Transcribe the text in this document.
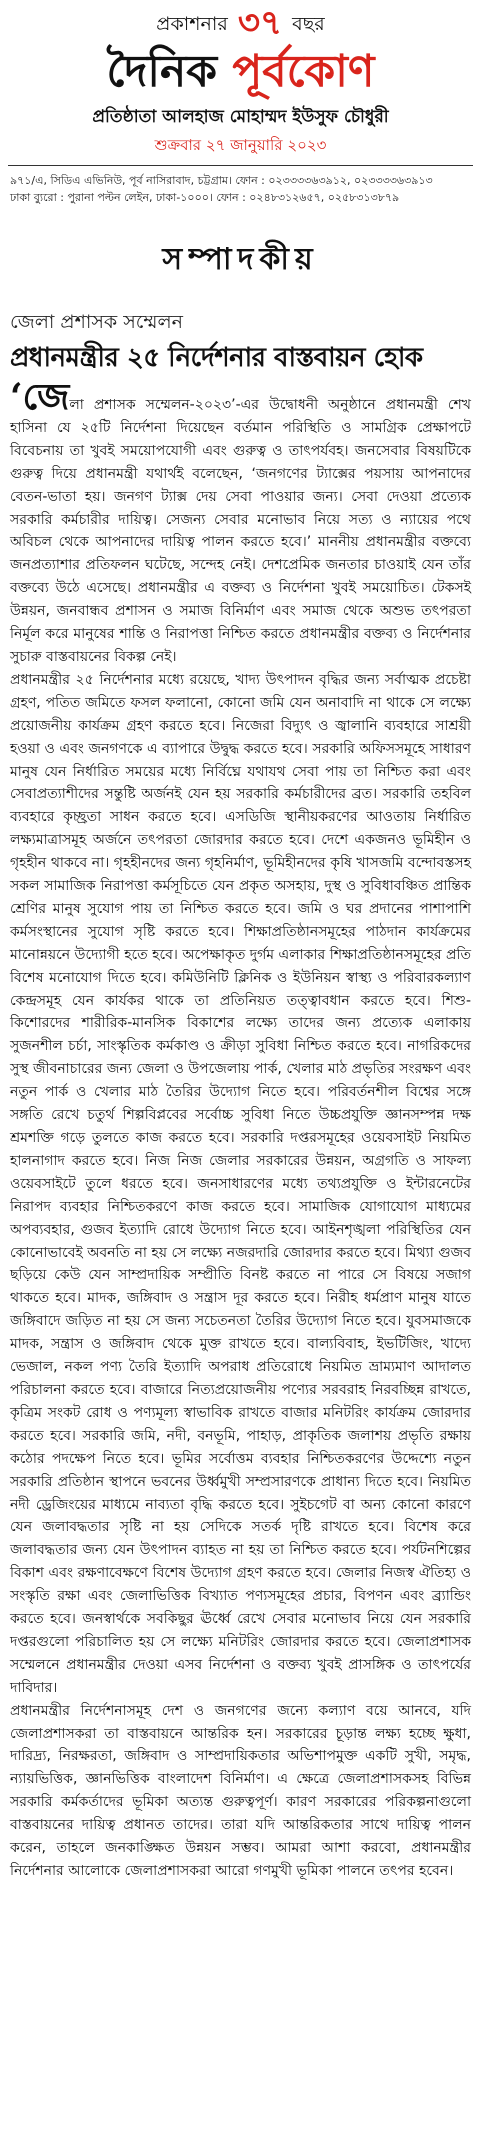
প্রকাশনার ৩৭ বছর
দৈনিক পূর্বকোণ
প্রতিষ্ঠাতা আলহাজ মোহাম্মদ ইউসুফ চৌধুরী
শুক্রবার ২৭ জানুয়ারি ২০২৩
৯৭১/এ, সিডিএ এভিনিউ, পূর্ব নাসিরাবাদ, চট্টগ্রাম। ফোন : ০২৩৩৩৩৬৩৯১২, ০২৩৩৩৩৬৩৯১৩
ঢাকা ব্যুরো : পুরানা পল্টন লেইন, ঢাকা-১০০০। ফোন : ০২৪৮৩১২৬৫৭, ০২৫৮৩১৩৮৭৯
সম্পাদকীয়
জেলা প্রশাসক সম্মেলন
প্রধানমন্ত্রীর ২৫ নির্দেশনার বাস্তবায়ন হোক

‘জেলা প্রশাসক সম্মেলন-২০২৩’-এর উদ্বোধনী অনুষ্ঠানে প্রধানমন্ত্রী শেখ হাসিনা যে ২৫টি নির্দেশনা দিয়েছেন বর্তমান পরিস্থিতি ও সামগ্রিক প্রেক্ষাপটে বিবেচনায় তা খুবই সময়োপযোগী এবং গুরুত্ব ও তাৎপর্যবহ। জনসেবার বিষয়টিকে গুরুত্ব দিয়ে প্রধানমন্ত্রী যথার্থই বলেছেন, ‘জনগণের ট্যাক্সের পয়সায় আপনাদের বেতন-ভাতা হয়। জনগণ ট্যাক্স দেয় সেবা পাওয়ার জন্য। সেবা দেওয়া প্রত্যেক সরকারি কর্মচারীর দায়িত্ব। সেজন্য সেবার মনোভাব নিয়ে সত্য ও ন্যায়ের পথে অবিচল থেকে আপনাদের দায়িত্ব পালন করতে হবে।’ মাননীয় প্রধানমন্ত্রীর বক্তব্যে জনপ্রত্যাশার প্রতিফলন ঘটেছে, সন্দেহ নেই। দেশপ্রেমিক জনতার চাওয়াই যেন তাঁর বক্তব্যে উঠে এসেছে। প্রধানমন্ত্রীর এ বক্তব্য ও নির্দেশনা খুবই সময়োচিত। টেকসই উন্নয়ন, জনবান্ধব প্রশাসন ও সমাজ বিনির্মাণ এবং সমাজ থেকে অশুভ তৎপরতা নির্মূল করে মানুষের শান্তি ও নিরাপত্তা নিশ্চিত করতে প্রধানমন্ত্রীর বক্তব্য ও নির্দেশনার সুচারু বাস্তবায়নের বিকল্প নেই।

প্রধানমন্ত্রীর ২৫ নির্দেশনার মধ্যে রয়েছে, খাদ্য উৎপাদন বৃদ্ধির জন্য সর্বাত্মক প্রচেষ্টা গ্রহণ, পতিত জমিতে ফসল ফলানো, কোনো জমি যেন অনাবাদি না থাকে সে লক্ষ্যে প্রয়োজনীয় কার্যক্রম গ্রহণ করতে হবে। নিজেরা বিদ্যুৎ ও জ্বালানি ব্যবহারে সাশ্রয়ী হওয়া ও এবং জনগণকে এ ব্যাপারে উদ্বুদ্ধ করতে হবে। সরকারি অফিসসমূহে সাধারণ মানুষ যেন নির্ধারিত সময়ের মধ্যে নির্বিঘ্নে যথাযথ সেবা পায় তা নিশ্চিত করা এবং সেবাপ্রত্যাশীদের সন্তুষ্টি অর্জনই যেন হয় সরকারি কর্মচারীদের ব্রত। সরকারি তহবিল ব্যবহারে কৃচ্ছ্রতা সাধন করতে হবে। এসডিজি স্থানীয়করণের আওতায় নির্ধারিত লক্ষ্যমাত্রাসমূহ অর্জনে তৎপরতা জোরদার করতে হবে। দেশে একজনও ভূমিহীন ও গৃহহীন থাকবে না। গৃহহীনদের জন্য গৃহনির্মাণ, ভূমিহীনদের কৃষি খাসজমি বন্দোবস্তসহ সকল সামাজিক নিরাপত্তা কর্মসূচিতে যেন প্রকৃত অসহায়, দুস্থ ও সুবিধাবঞ্চিত প্রান্তিক শ্রেণির মানুষ সুযোগ পায় তা নিশ্চিত করতে হবে। জমি ও ঘর প্রদানের পাশাপাশি কর্মসংস্থানের সুযোগ সৃষ্টি করতে হবে। শিক্ষাপ্রতিষ্ঠানসমূহের পাঠদান কার্যক্রমের মানোন্নয়নে উদ্যোগী হতে হবে। অপেক্ষাকৃত দুর্গম এলাকার শিক্ষাপ্রতিষ্ঠানসমূহের প্রতি বিশেষ মনোযোগ দিতে হবে। কমিউনিটি ক্লিনিক ও ইউনিয়ন স্বাস্থ্য ও পরিবারকল্যাণ কেন্দ্রসমূহ যেন কার্যকর থাকে তা প্রতিনিয়ত তত্ত্বাবধান করতে হবে। শিশু-কিশোরদের শারীরিক-মানসিক বিকাশের লক্ষ্যে তাদের জন্য প্রত্যেক এলাকায় সুজনশীল চর্চা, সাংস্কৃতিক কর্মকাণ্ড ও ক্রীড়া সুবিধা নিশ্চিত করতে হবে। নাগরিকদের সুস্থ জীবনাচারের জন্য জেলা ও উপজেলায় পার্ক, খেলার মাঠ প্রভৃতির সংরক্ষণ এবং নতুন পার্ক ও খেলার মাঠ তৈরির উদ্যোগ নিতে হবে। পরিবর্তনশীল বিশ্বের সঙ্গে সঙ্গতি রেখে চতুর্থ শিল্পবিপ্লবের সর্বোচ্চ সুবিধা নিতে উচ্চপ্রযুক্তি জ্ঞানসম্পন্ন দক্ষ শ্রমশক্তি গড়ে তুলতে কাজ করতে হবে। সরকারি দপ্তরসমূহের ওয়েবসাইট নিয়মিত হালনাগাদ করতে হবে। নিজ নিজ জেলার সরকারের উন্নয়ন, অগ্রগতি ও সাফল্য ওয়েবসাইটে তুলে ধরতে হবে। জনসাধারণের মধ্যে তথ্যপ্রযুক্তি ও ইন্টারনেটের নিরাপদ ব্যবহার নিশ্চিতকরণে কাজ করতে হবে। সামাজিক যোগাযোগ মাধ্যমের অপব্যবহার, গুজব ইত্যাদি রোধে উদ্যোগ নিতে হবে। আইনশৃঙ্খলা পরিস্থিতির যেন কোনোভাবেই অবনতি না হয় সে লক্ষ্যে নজরদারি জোরদার করতে হবে। মিথ্যা গুজব ছড়িয়ে কেউ যেন সাম্প্রদায়িক সম্প্রীতি বিনষ্ট করতে না পারে সে বিষয়ে সজাগ থাকতে হবে। মাদক, জঙ্গিবাদ ও সন্ত্রাস দূর করতে হবে। নিরীহ ধর্মপ্রাণ মানুষ যাতে জঙ্গিবাদে জড়িত না হয় সে জন্য সচেতনতা তৈরির উদ্যোগ নিতে হবে। যুবসমাজকে মাদক, সন্ত্রাস ও জঙ্গিবাদ থেকে মুক্ত রাখতে হবে। বাল্যবিবাহ, ইভটিজিং, খাদ্যে ভেজাল, নকল পণ্য তৈরি ইত্যাদি অপরাধ প্রতিরোধে নিয়মিত ভ্রাম্যমাণ আদালত পরিচালনা করতে হবে। বাজারে নিত্যপ্রয়োজনীয় পণ্যের সরবরাহ নিরবচ্ছিন্ন রাখতে, কৃত্রিম সংকট রোধ ও পণ্যমূল্য স্বাভাবিক রাখতে বাজার মনিটরিং কার্যক্রম জোরদার করতে হবে। সরকারি জমি, নদী, বনভূমি, পাহাড়, প্রাকৃতিক জলাশয় প্রভৃতি রক্ষায় কঠোর পদক্ষেপ নিতে হবে। ভূমির সর্বোত্তম ব্যবহার নিশ্চিতকরণের উদ্দেশ্যে নতুন সরকারি প্রতিষ্ঠান স্থাপনে ভবনের উর্ধ্বমুখী সম্প্রসারণকে প্রাধান্য দিতে হবে। নিয়মিত নদী ড্রেজিংয়ের মাধ্যমে নাব্যতা বৃদ্ধি করতে হবে। সুইচগেট বা অন্য কোনো কারণে যেন জলাবদ্ধতার সৃষ্টি না হয় সেদিকে সতর্ক দৃষ্টি রাখতে হবে। বিশেষ করে জলাবদ্ধতার জন্য যেন উৎপাদন ব্যাহত না হয় তা নিশ্চিত করতে হবে। পর্যটনশিল্পের বিকাশ এবং রক্ষণাবেক্ষণে বিশেষ উদ্যোগ গ্রহণ করতে হবে। জেলার নিজস্ব ঐতিহ্য ও সংস্কৃতি রক্ষা এবং জেলাভিত্তিক বিখ্যাত পণ্যসমূহের প্রচার, বিপণন এবং ব্র্যান্ডিং করতে হবে। জনস্বার্থকে সবকিছুর ঊর্ধ্বে রেখে সেবার মনোভাব নিয়ে যেন সরকারি দপ্তরগুলো পরিচালিত হয় সে লক্ষ্যে মনিটরিং জোরদার করতে হবে। জেলাপ্রশাসক সম্মেলনে প্রধানমন্ত্রীর দেওয়া এসব নির্দেশনা ও বক্তব্য খুবই প্রাসঙ্গিক ও তাৎপর্যের দাবিদার।

প্রধানমন্ত্রীর নির্দেশনাসমূহ দেশ ও জনগণের জন্যে কল্যাণ বয়ে আনবে, যদি জেলাপ্রশাসকরা তা বাস্তবায়নে আন্তরিক হন। সরকারের চূড়ান্ত লক্ষ্য হচ্ছে ক্ষুধা, দারিদ্র্য, নিরক্ষরতা, জঙ্গিবাদ ও সাম্প্রদায়িকতার অভিশাপমুক্ত একটি সুখী, সমৃদ্ধ, ন্যায়ভিত্তিক, জ্ঞানভিত্তিক বাংলাদেশ বিনির্মাণ। এ ক্ষেত্রে জেলাপ্রশাসকসহ বিভিন্ন সরকারি কর্মকর্তাদের ভূমিকা অত্যন্ত গুরুত্বপূর্ণ। কারণ সরকারের পরিকল্পনাগুলো বাস্তবায়নের দায়িত্ব প্রধানত তাদের। তারা যদি আন্তরিকতার সাথে দায়িত্ব পালন করেন, তাহলে জনকাঙ্ক্ষিত উন্নয়ন সম্ভব। আমরা আশা করবো, প্রধানমন্ত্রীর নির্দেশনার আলোকে জেলাপ্রশাসকরা আরো গণমুখী ভূমিকা পালনে তৎপর হবেন।
